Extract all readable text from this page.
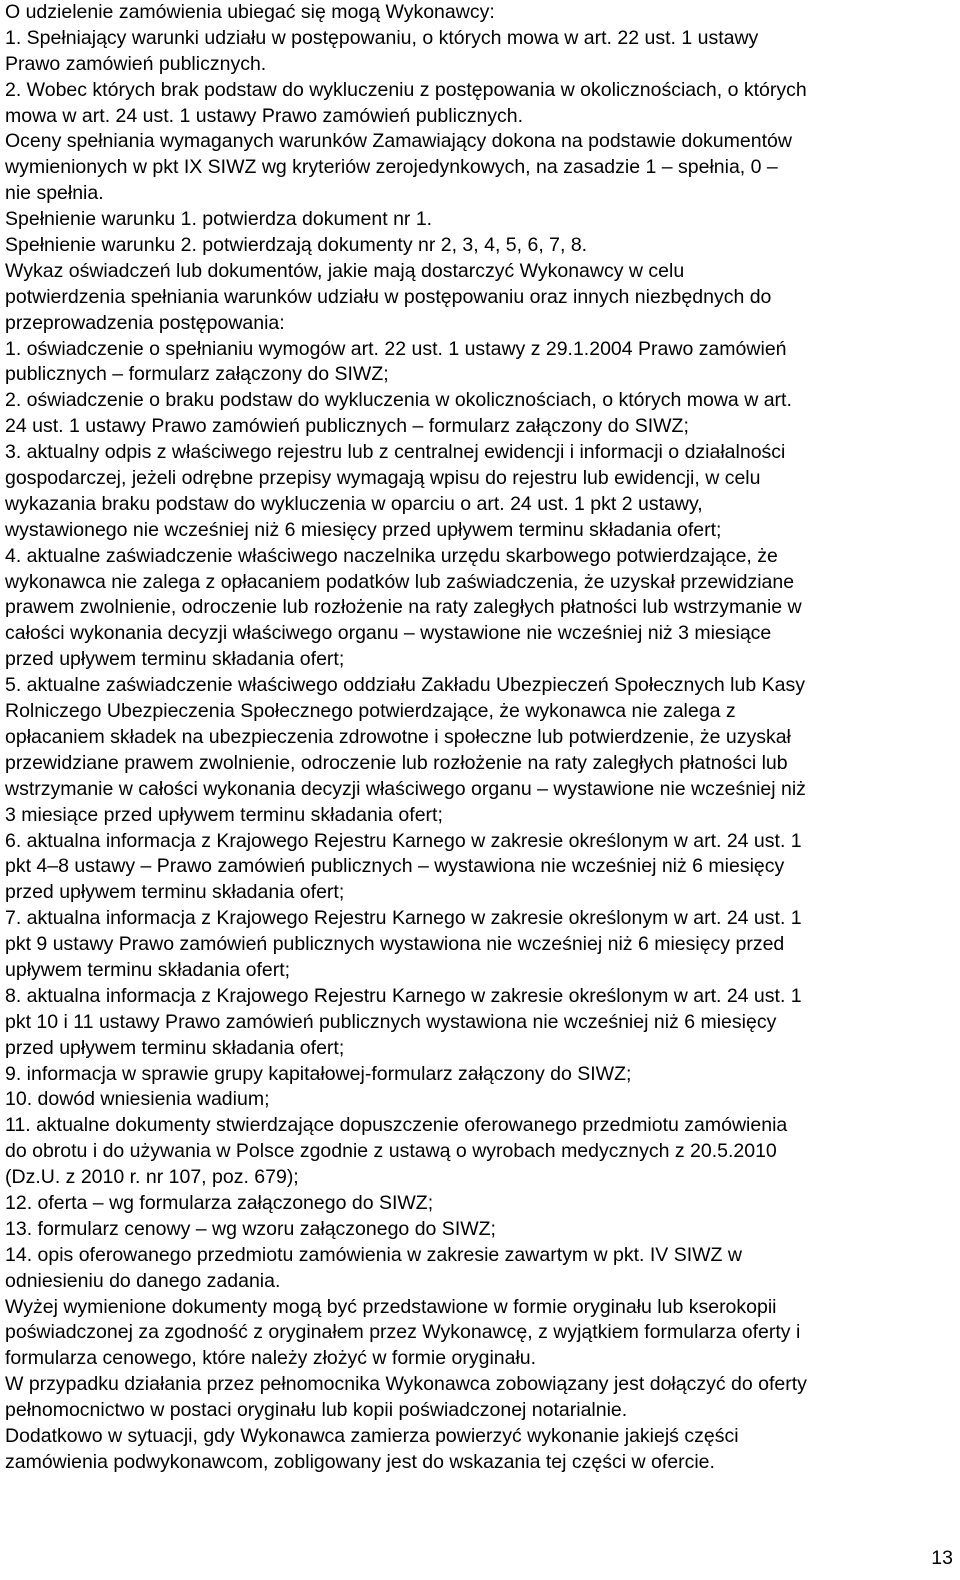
O udzielenie zamówienia ubiegać się mogą Wykonawcy:
1. Spełniający warunki udziału w postępowaniu, o których mowa w art. 22 ust. 1 ustawy
Prawo zamówień publicznych.
2. Wobec których brak podstaw do wykluczeniu z postępowania w okolicznościach, o których
mowa w art. 24 ust. 1 ustawy Prawo zamówień publicznych.
Oceny spełniania wymaganych warunków Zamawiający dokona na podstawie dokumentów
wymienionych w pkt IX SIWZ wg kryteriów zerojedynkowych, na zasadzie 1 – spełnia, 0 –
nie spełnia.
Spełnienie warunku 1. potwierdza dokument nr 1.
Spełnienie warunku 2. potwierdzają dokumenty nr 2, 3, 4, 5, 6, 7, 8.
Wykaz oświadczeń lub dokumentów, jakie mają dostarczyć Wykonawcy w celu
potwierdzenia spełniania warunków udziału w postępowaniu oraz innych niezbędnych do
przeprowadzenia postępowania:
1. oświadczenie o spełnianiu wymogów art. 22 ust. 1 ustawy z 29.1.2004 Prawo zamówień
publicznych – formularz załączony do SIWZ;
2. oświadczenie o braku podstaw do wykluczenia w okolicznościach, o których mowa w art.
24 ust. 1 ustawy Prawo zamówień publicznych – formularz załączony do SIWZ;
3. aktualny odpis z właściwego rejestru lub z centralnej ewidencji i informacji o działalności
gospodarczej, jeżeli odrębne przepisy wymagają wpisu do rejestru lub ewidencji, w celu
wykazania braku podstaw do wykluczenia w oparciu o art. 24 ust. 1 pkt 2 ustawy,
wystawionego nie wcześniej niż 6 miesięcy przed upływem terminu składania ofert;
4. aktualne zaświadczenie właściwego naczelnika urzędu skarbowego potwierdzające, że
wykonawca nie zalega z opłacaniem podatków lub zaświadczenia, że uzyskał przewidziane
prawem zwolnienie, odroczenie lub rozłożenie na raty zaległych płatności lub wstrzymanie w
całości wykonania decyzji właściwego organu – wystawione nie wcześniej niż 3 miesiące
przed upływem terminu składania ofert;
5. aktualne zaświadczenie właściwego oddziału Zakładu Ubezpieczeń Społecznych lub Kasy
Rolniczego Ubezpieczenia Społecznego potwierdzające, że wykonawca nie zalega z
opłacaniem składek na ubezpieczenia zdrowotne i społeczne lub potwierdzenie, że uzyskał
przewidziane prawem zwolnienie, odroczenie lub rozłożenie na raty zaległych płatności lub
wstrzymanie w całości wykonania decyzji właściwego organu – wystawione nie wcześniej niż
3 miesiące przed upływem terminu składania ofert;
6. aktualna informacja z Krajowego Rejestru Karnego w zakresie określonym w art. 24 ust. 1
pkt 4–8 ustawy – Prawo zamówień publicznych – wystawiona nie wcześniej niż 6 miesięcy
przed upływem terminu składania ofert;
7. aktualna informacja z Krajowego Rejestru Karnego w zakresie określonym w art. 24 ust. 1
pkt 9 ustawy Prawo zamówień publicznych wystawiona nie wcześniej niż 6 miesięcy przed
upływem terminu składania ofert;
8. aktualna informacja z Krajowego Rejestru Karnego w zakresie określonym w art. 24 ust. 1
pkt 10 i 11 ustawy Prawo zamówień publicznych wystawiona nie wcześniej niż 6 miesięcy
przed upływem terminu składania ofert;
9. informacja w sprawie grupy kapitałowej-formularz załączony do SIWZ;
10. dowód wniesienia wadium;
11. aktualne dokumenty stwierdzające dopuszczenie oferowanego przedmiotu zamówienia
do obrotu i do używania w Polsce zgodnie z ustawą o wyrobach medycznych z 20.5.2010
(Dz.U. z 2010 r. nr 107, poz. 679);
12. oferta – wg formularza załączonego do SIWZ;
13. formularz cenowy – wg wzoru załączonego do SIWZ;
14. opis oferowanego przedmiotu zamówienia w zakresie zawartym w pkt. IV SIWZ w
odniesieniu do danego zadania.
Wyżej wymienione dokumenty mogą być przedstawione w formie oryginału lub kserokopii
poświadczonej za zgodność z oryginałem przez Wykonawcę, z wyjątkiem formularza oferty i
formularza cenowego, które należy złożyć w formie oryginału.
W przypadku działania przez pełnomocnika Wykonawca zobowiązany jest dołączyć do oferty
pełnomocnictwo w postaci oryginału lub kopii poświadczonej notarialnie.
Dodatkowo w sytuacji, gdy Wykonawca zamierza powierzyć wykonanie jakiejś części
zamówienia podwykonawcom, zobligowany jest do wskazania tej części w ofercie.
13
